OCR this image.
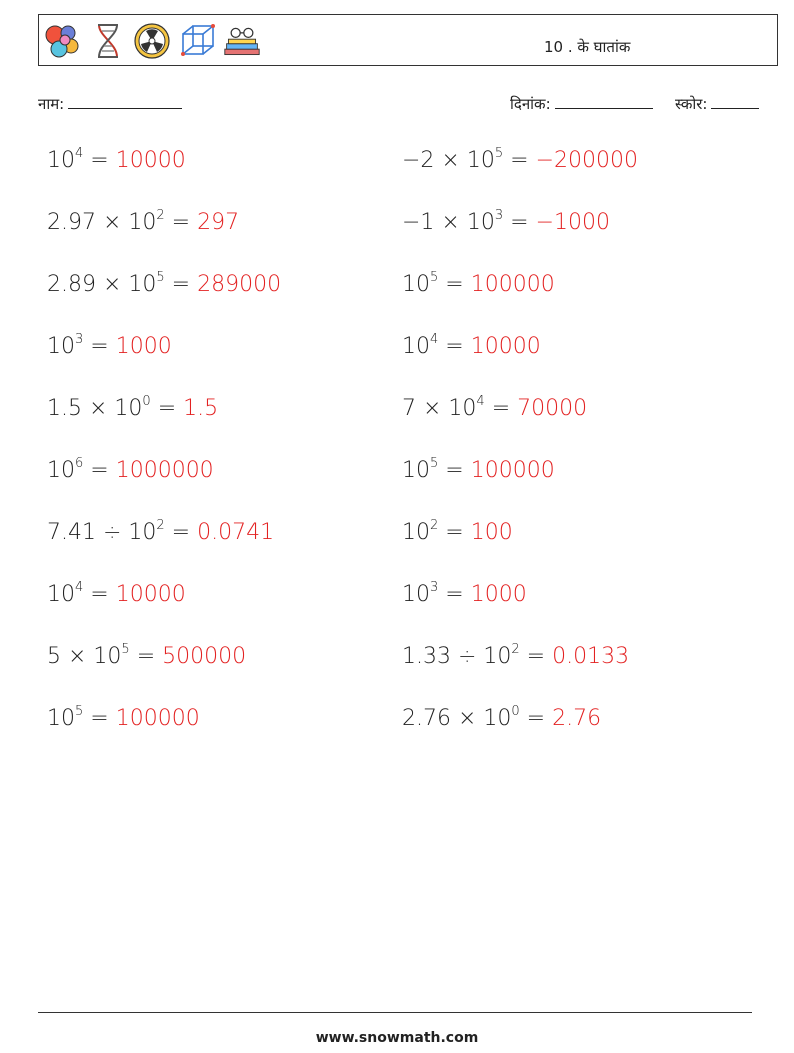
10 . के घातांक
नाम:	दिनांक:	स्कोर:
$10^4 = 10000$
$2.97 \times 10^2 = 297$
$2.89 \times 10^5 = 289000$
$10^3 = 1000$
$1.5 \times 10^0 = 1.5$
$10^6 = 1000000$
$7.41 \div 10^2 = 0.0741$
$10^4 = 10000$
$5 \times 10^5 = 500000$
$10^5 = 100000$
$-2 \times 10^5 = -200000$
$-1 \times 10^3 = -1000$
$10^5 = 100000$
$10^4 = 10000$
$7 \times 10^4 = 70000$
$10^5 = 100000$
$10^2 = 100$
$10^3 = 1000$
$1.33 \div 10^2 = 0.0133$
$2.76 \times 10^0 = 2.76$
www.snowmath.com
